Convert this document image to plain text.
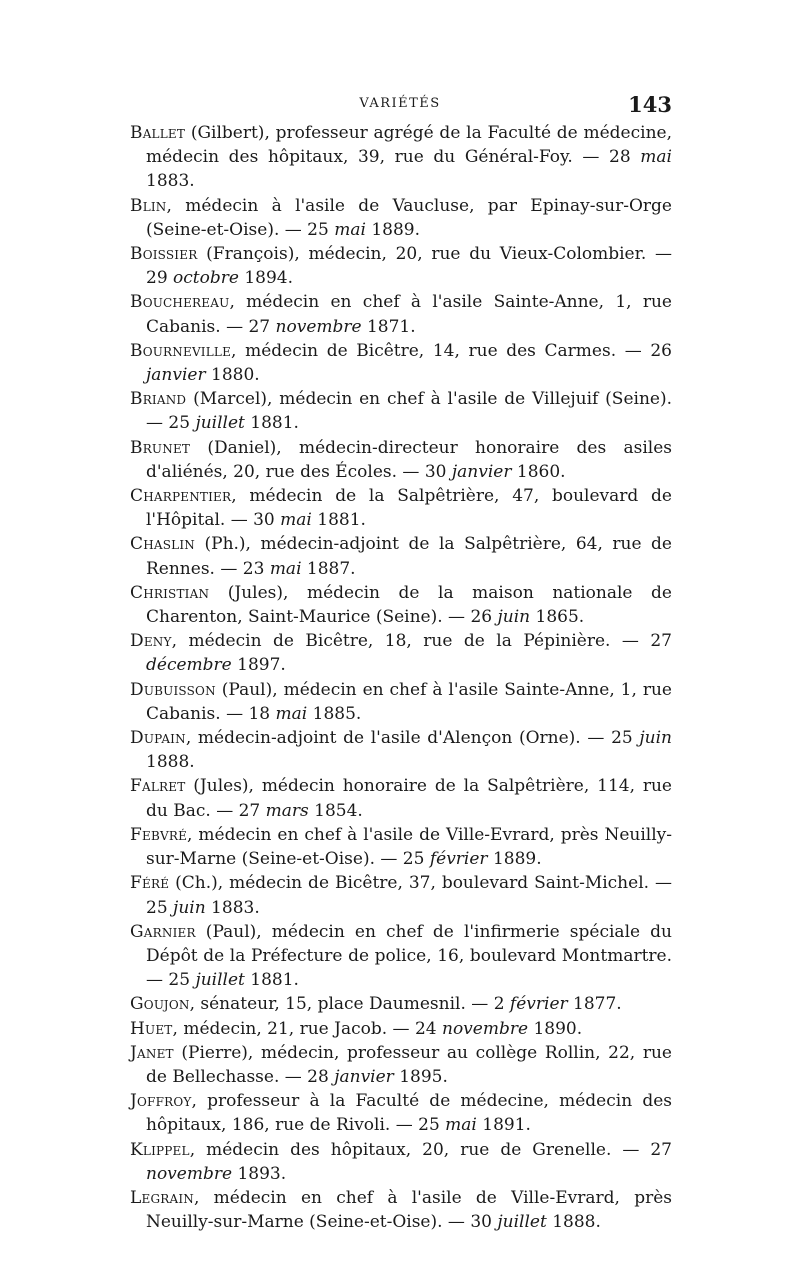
VARIÉTÉS	143

Ballet (Gilbert), professeur agrégé de la Faculté de médecine, médecin des hôpitaux, 39, rue du Général-Foy. — 28 mai 1883.

Blin, médecin à l'asile de Vaucluse, par Epinay-sur-Orge (Seine-et-Oise). — 25 mai 1889.

Boissier (François), médecin, 20, rue du Vieux-Colombier. — 29 octobre 1894.

Bouchereau, médecin en chef à l'asile Sainte-Anne, 1, rue Cabanis. — 27 novembre 1871.

Bourneville, médecin de Bicêtre, 14, rue des Carmes. — 26 janvier 1880.

Briand (Marcel), médecin en chef à l'asile de Villejuif (Seine). — 25 juillet 1881.

Brunet (Daniel), médecin-directeur honoraire des asiles d'aliénés, 20, rue des Écoles. — 30 janvier 1860.

Charpentier, médecin de la Salpêtrière, 47, boulevard de l'Hôpital. — 30 mai 1881.

Chaslin (Ph.), médecin-adjoint de la Salpêtrière, 64, rue de Rennes. — 23 mai 1887.

Christian (Jules), médecin de la maison nationale de Charenton, Saint-Maurice (Seine). — 26 juin 1865.

Deny, médecin de Bicêtre, 18, rue de la Pépinière. — 27 décembre 1897.

Dubuisson (Paul), médecin en chef à l'asile Sainte-Anne, 1, rue Cabanis. — 18 mai 1885.

Dupain, médecin-adjoint de l'asile d'Alençon (Orne). — 25 juin 1888.

Falret (Jules), médecin honoraire de la Salpêtrière, 114, rue du Bac. — 27 mars 1854.

Febvré, médecin en chef à l'asile de Ville-Evrard, près Neuilly-sur-Marne (Seine-et-Oise). — 25 février 1889.

Féré (Ch.), médecin de Bicêtre, 37, boulevard Saint-Michel. — 25 juin 1883.

Garnier (Paul), médecin en chef de l'infirmerie spéciale du Dépôt de la Préfecture de police, 16, boulevard Montmartre. — 25 juillet 1881.

Goujon, sénateur, 15, place Daumesnil. — 2 février 1877.

Huet, médecin, 21, rue Jacob. — 24 novembre 1890.

Janet (Pierre), médecin, professeur au collège Rollin, 22, rue de Bellechasse. — 28 janvier 1895.

Joffroy, professeur à la Faculté de médecine, médecin des hôpitaux, 186, rue de Rivoli. — 25 mai 1891.

Klippel, médecin des hôpitaux, 20, rue de Grenelle. — 27 novembre 1893.

Legrain, médecin en chef à l'asile de Ville-Evrard, près Neuilly-sur-Marne (Seine-et-Oise). — 30 juillet 1888.
